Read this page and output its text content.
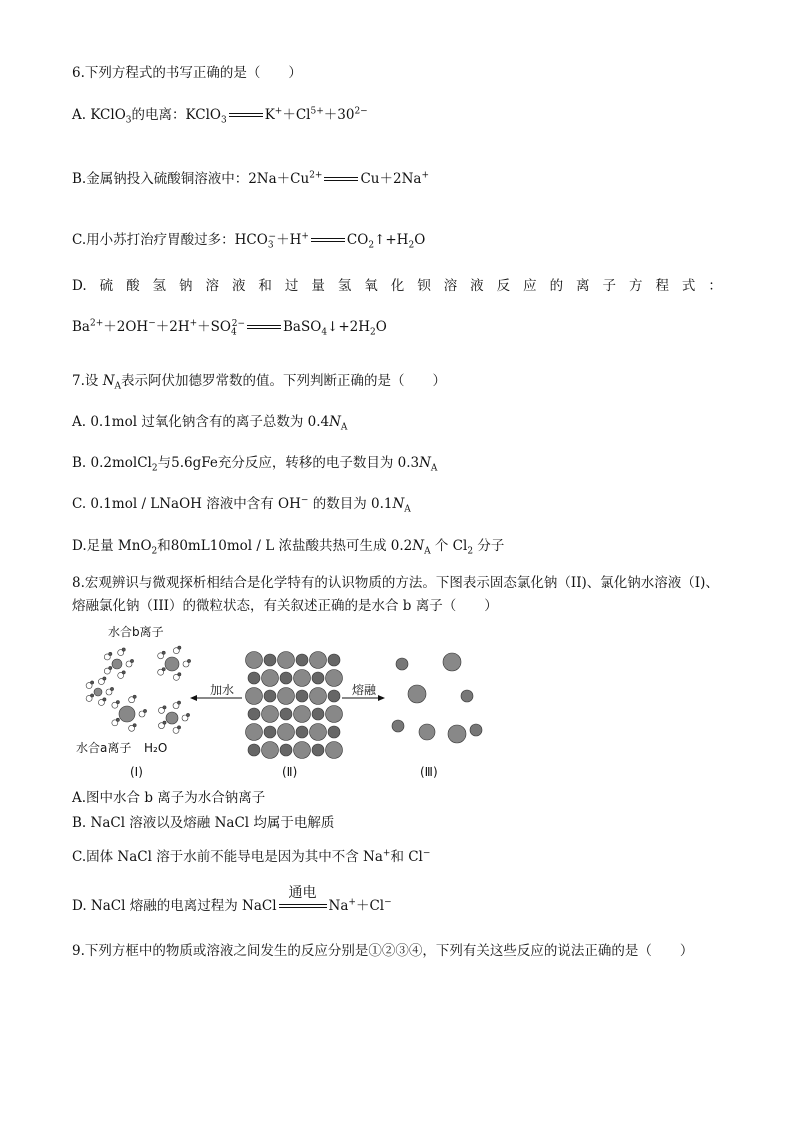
6.下列方程式的书写正确的是（ ）
A. KClO$_3$的电离：KClO$_3$	$K^++Cl^{5+}+30^{2-}$
B.金属钠投入硫酸铜溶液中：$2Na+Cu^{2+}$	Cu＋2Na+
C.用小苏打治疗胃酸过多：$HCO_3^-+H^+$	$CO_2↑+H_2O$
D. 硫 酸 氢 钠 溶 液 和 过 量 氢 氧 化 钡 溶 液 反 应 的 离 子 方 程 式 ：
$Ba^{2+}+2OH^-+2H^++SO_4^{2-}$	$BaSO_4↓+2H_2O$
7.设 $N_A$表示阿伏加德罗常数的值。下列判断正确的是（ ）
A. 0.1mol 过氧化钠含有的离子总数为 $0.4N_A$
B. 0.2molCl$_2$与5.6gFe充分反应，转移的电子数目为 $0.3N_A$
C. 0.1mol / LNaOH 溶液中含有 OH− 的数目为 $0.1N_A$
D.足量 MnO$_2$和80mL10mol / L 浓盐酸共热可生成 $0.2N_A$ 个 $Cl_2$ 分子
8.宏观辨识与微观探析相结合是化学特有的认识物质的方法。下图表示固态氯化钠（II)、氯化钠水溶液（I)、
熔融氯化钠（III）的微粒状态，有关叙述正确的是水合 b 离子（ ）
水合b离子
水合a离子 H₂O
加水	熔融
(Ⅰ)	(Ⅱ)	(Ⅲ)
A.图中水合 b 离子为水合钠离子
B. NaCl 溶液以及熔融 NaCl 均属于电解质
C.固体 NaCl 溶于水前不能导电是因为其中不含 Na+和 Cl−
D. NaCl 熔融的电离过程为 NaCl
通电
Na+＋Cl−
9.下列方框中的物质或溶液之间发生的反应分别是①②③④，下列有关这些反应的说法正确的是（ ）
